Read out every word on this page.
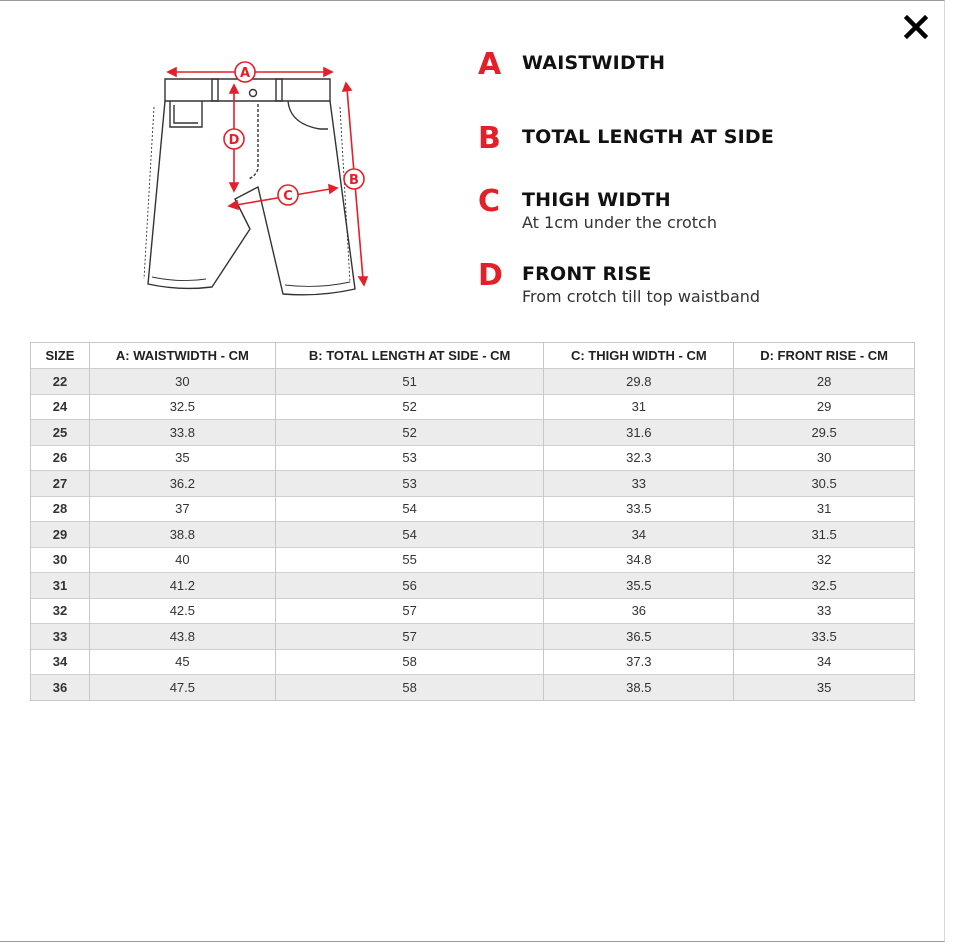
A
B
C
D
A WAISTWIDTH
B TOTAL LENGTH AT SIDE
C THIGH WIDTH
At 1cm under the crotch
D FRONT RISE
From crotch till top waistband
SIZE	A: WAISTWIDTH - CM	B: TOTAL LENGTH AT SIDE - CM	C: THIGH WIDTH - CM	D: FRONT RISE - CM
22	30	51	29.8	28
24	32.5	52	31	29
25	33.8	52	31.6	29.5
26	35	53	32.3	30
27	36.2	53	33	30.5
28	37	54	33.5	31
29	38.8	54	34	31.5
30	40	55	34.8	32
31	41.2	56	35.5	32.5
32	42.5	57	36	33
33	43.8	57	36.5	33.5
34	45	58	37.3	34
36	47.5	58	38.5	35
